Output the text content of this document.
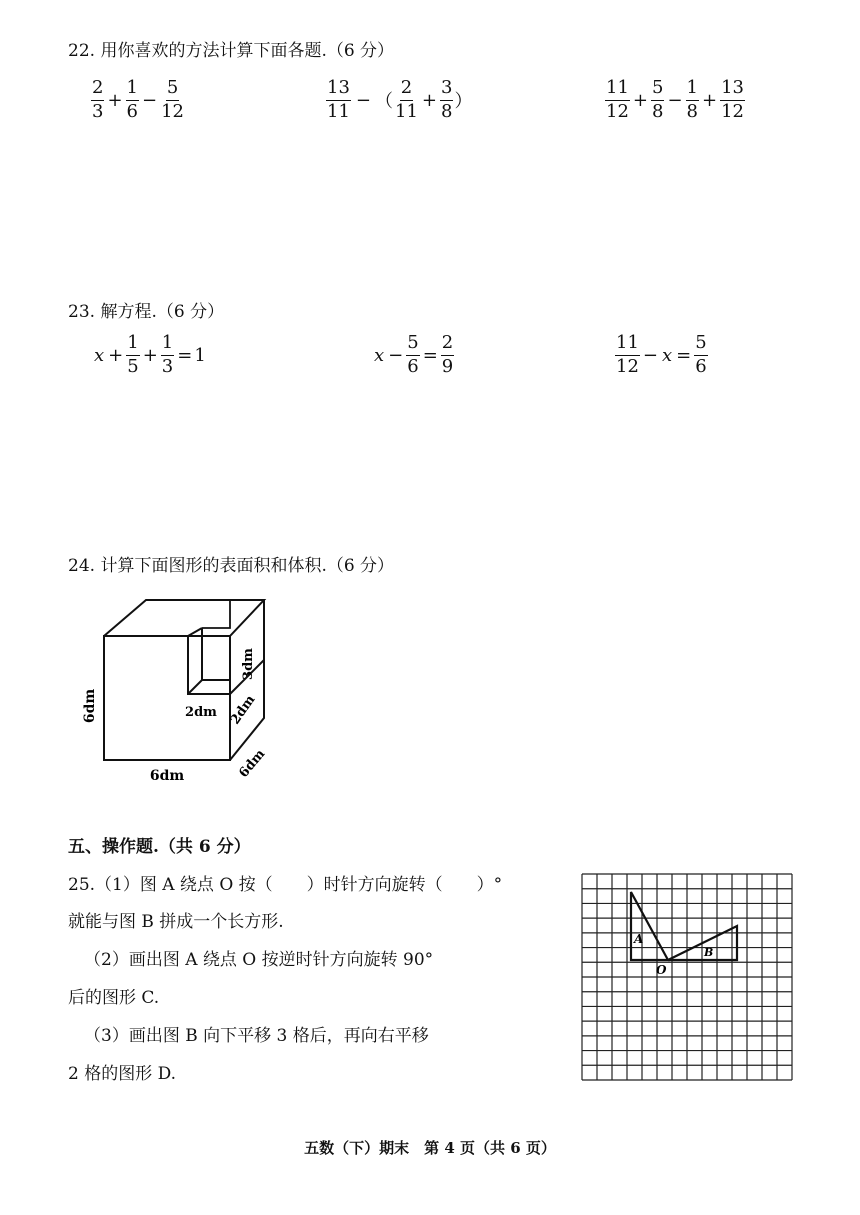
22. 用你喜欢的方法计算下面各题.（6 分）
$\frac{2}{3} + \frac{1}{6} - \frac{5}{12}$	$\frac{13}{11}$ − （ $\frac{2}{11} + \frac{3}{8}$ ）	$\frac{11}{12} + \frac{5}{8} - \frac{1}{8} + \frac{13}{12}$
23. 解方程.（6 分）
$x + \frac{1}{5} + \frac{1}{3} = 1$	$x - \frac{5}{6} = \frac{2}{9}$	$\frac{11}{12} - x = \frac{5}{6}$
24. 计算下面图形的表面积和体积.（6 分）
6dm
6dm	6dm
3dm
2dm 2dm
五、操作题.（共 6 分）
25.（1）图 A 绕点 O 按（　　）时针方向旋转（　　）°
就能与图 B 拼成一个长方形.
（2）画出图 A 绕点 O 按逆时针方向旋转 90°
后的图形 C.
（3）画出图 B 向下平移 3 格后，再向右平移
2 格的图形 D.
A
B
O
五数（下）期末　第 4 页（共 6 页）
